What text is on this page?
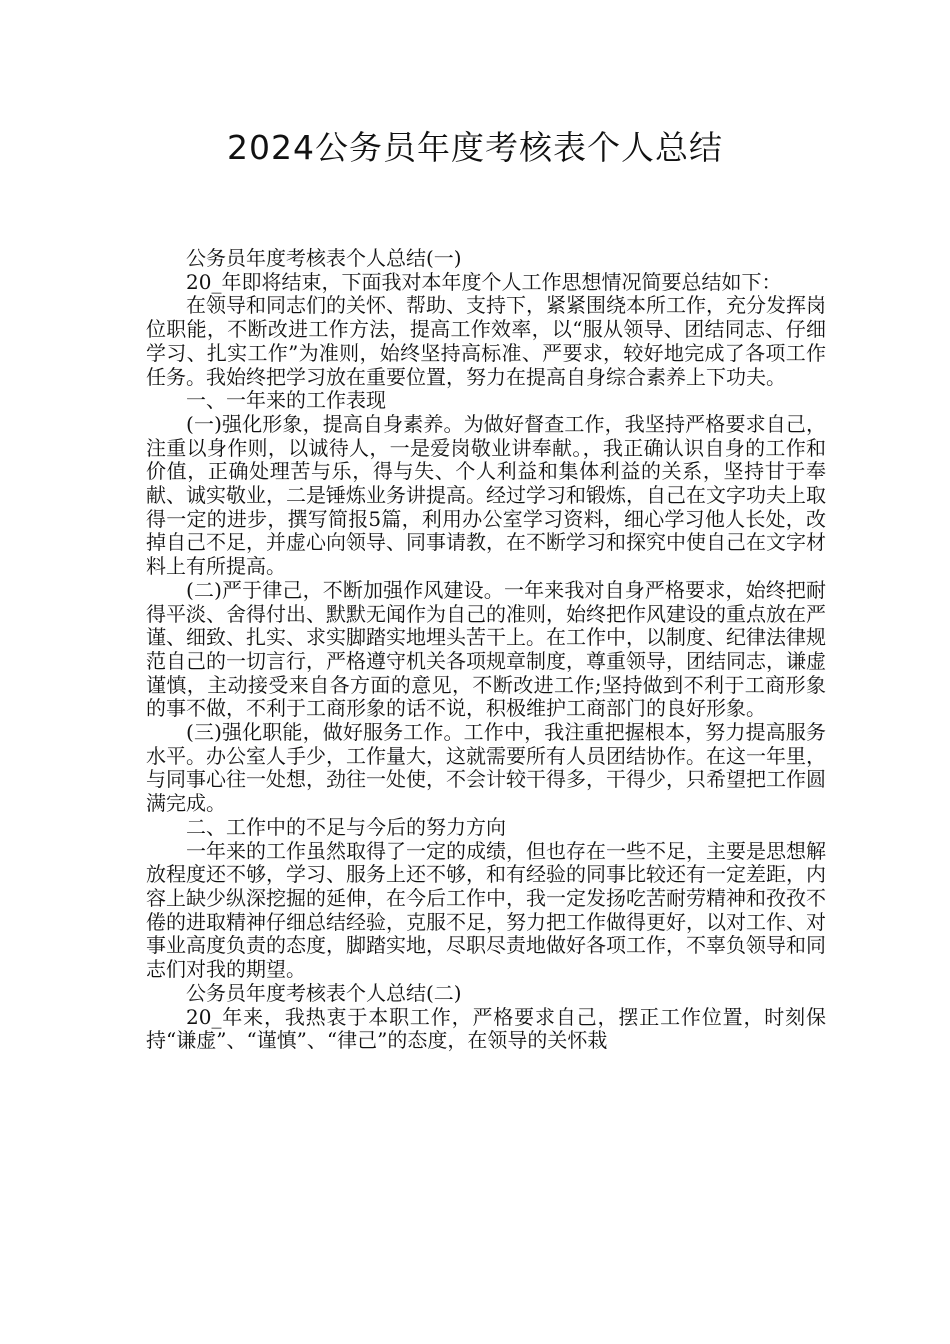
2024公务员年度考核表个人总结

公务员年度考核表个人总结(一)

20_年即将结束，下面我对本年度个人工作思想情况简要总结如下：

在领导和同志们的关怀、帮助、支持下，紧紧围绕本所工作，充分发挥岗位职能，不断改进工作方法，提高工作效率，以“服从领导、团结同志、仔细学习、扎实工作”为准则，始终坚持高标准、严要求，较好地完成了各项工作任务。我始终把学习放在重要位置，努力在提高自身综合素养上下功夫。

一、一年来的工作表现

(一)强化形象，提高自身素养。为做好督查工作，我坚持严格要求自己，注重以身作则，以诚待人，一是爱岗敬业讲奉献。，我正确认识自身的工作和价值，正确处理苦与乐，得与失、个人利益和集体利益的关系，坚持甘于奉献、诚实敬业，二是锤炼业务讲提高。经过学习和锻炼，自己在文字功夫上取得一定的进步，撰写简报5篇，利用办公室学习资料，细心学习他人长处，改掉自己不足，并虚心向领导、同事请教，在不断学习和探究中使自己在文字材料上有所提高。

(二)严于律己，不断加强作风建设。一年来我对自身严格要求，始终把耐得平淡、舍得付出、默默无闻作为自己的准则，始终把作风建设的重点放在严谨、细致、扎实、求实脚踏实地埋头苦干上。在工作中，以制度、纪律法律规范自己的一切言行，严格遵守机关各项规章制度，尊重领导，团结同志，谦虚谨慎，主动接受来自各方面的意见，不断改进工作;坚持做到不利于工商形象的事不做，不利于工商形象的话不说，积极维护工商部门的良好形象。

(三)强化职能，做好服务工作。工作中，我注重把握根本，努力提高服务水平。办公室人手少，工作量大，这就需要所有人员团结协作。在这一年里，与同事心往一处想，劲往一处使，不会计较干得多，干得少，只希望把工作圆满完成。

二、工作中的不足与今后的努力方向

一年来的工作虽然取得了一定的成绩，但也存在一些不足，主要是思想解放程度还不够，学习、服务上还不够，和有经验的同事比较还有一定差距，内容上缺少纵深挖掘的延伸，在今后工作中，我一定发扬吃苦耐劳精神和孜孜不倦的进取精神仔细总结经验，克服不足，努力把工作做得更好，以对工作、对事业高度负责的态度，脚踏实地，尽职尽责地做好各项工作，不辜负领导和同志们对我的期望。

公务员年度考核表个人总结(二)

20_年来，我热衷于本职工作，严格要求自己，摆正工作位置，时刻保持“谦虚”、“谨慎”、“律己”的态度，在领导的关怀栽
